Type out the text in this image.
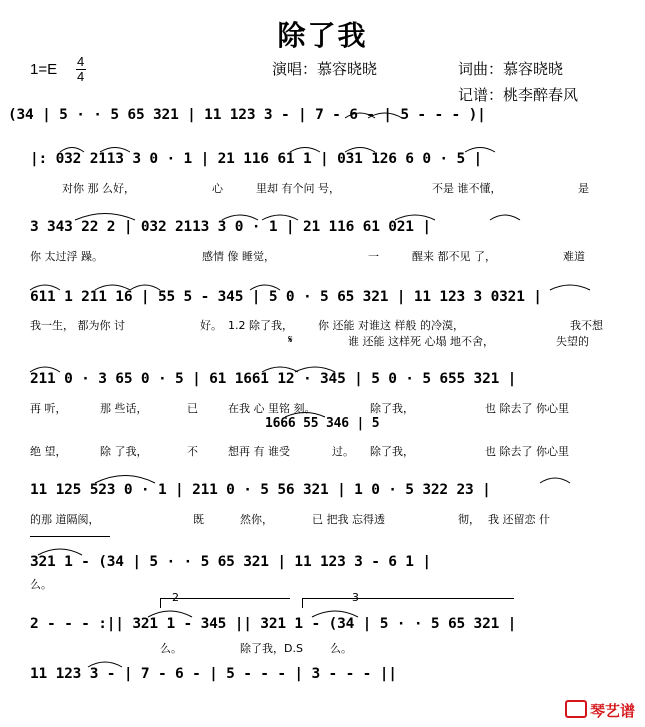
除了我
1=E 4
4	演唱：慕容晓晓	词曲：慕容晓晓
记谱：桃李醉春风
(34 | 5 · · 5 65 321 | 11 123 3 - | 7 - 6 - | 5 - - - )|
|: 032 2113 3 0 · 1 | 21 116 61 1 | 031 126 6 0 · 5 |
对你 那 么好，	心	里却 有个问 号，	不是 谁不懂，	是
3 343 22 2 | 032 2113 3 0 · 1 | 21 116 61 021 |
你 太过浮 躁。	感情 像 睡觉，	一	醒来 都不见 了，	难道
611 1 211 16 | 55 5 - 345 | 5 0 · 5 65 321 | 11 123 3 0321 |
我一生， 都为你 讨	好。 1.2 除了我， 你 还能 对谁这 样般 的冷漠，	我不想
𝄋	谁 还能 这样死 心塌 地不舍，	失望的
211 0 · 3 65 0 · 5 | 61 1661 12 · 345 | 5 0 · 5 655 321 |
再 听，	那 些话，	已	在我 心 里铭 刻。	除了我，	也 除去了 你心里
1666 55 346 | 5
绝 望，	除 了我，	不	想再 有 谁受	过。 除了我，	也 除去了 你心里
11 125 523 0 · 1 | 211 0 · 5 56 321 | 1 0 · 5 322 23 |
的那 道隔阂，	既	然你，	已 把我 忘得透	彻， 我 还留恋 什
321 1 - (34 | 5 · · 5 65 321 | 11 123 3 - 6 1 |
么。
2 - - - :|| 321 1 - 345 || 321 1 - (34 | 5 · · 5 65 321 |
么。	除了我，D.S 么。
11 123 3 - | 7 - 6 - | 5 - - - | 3 - - - ||
琴艺谱
